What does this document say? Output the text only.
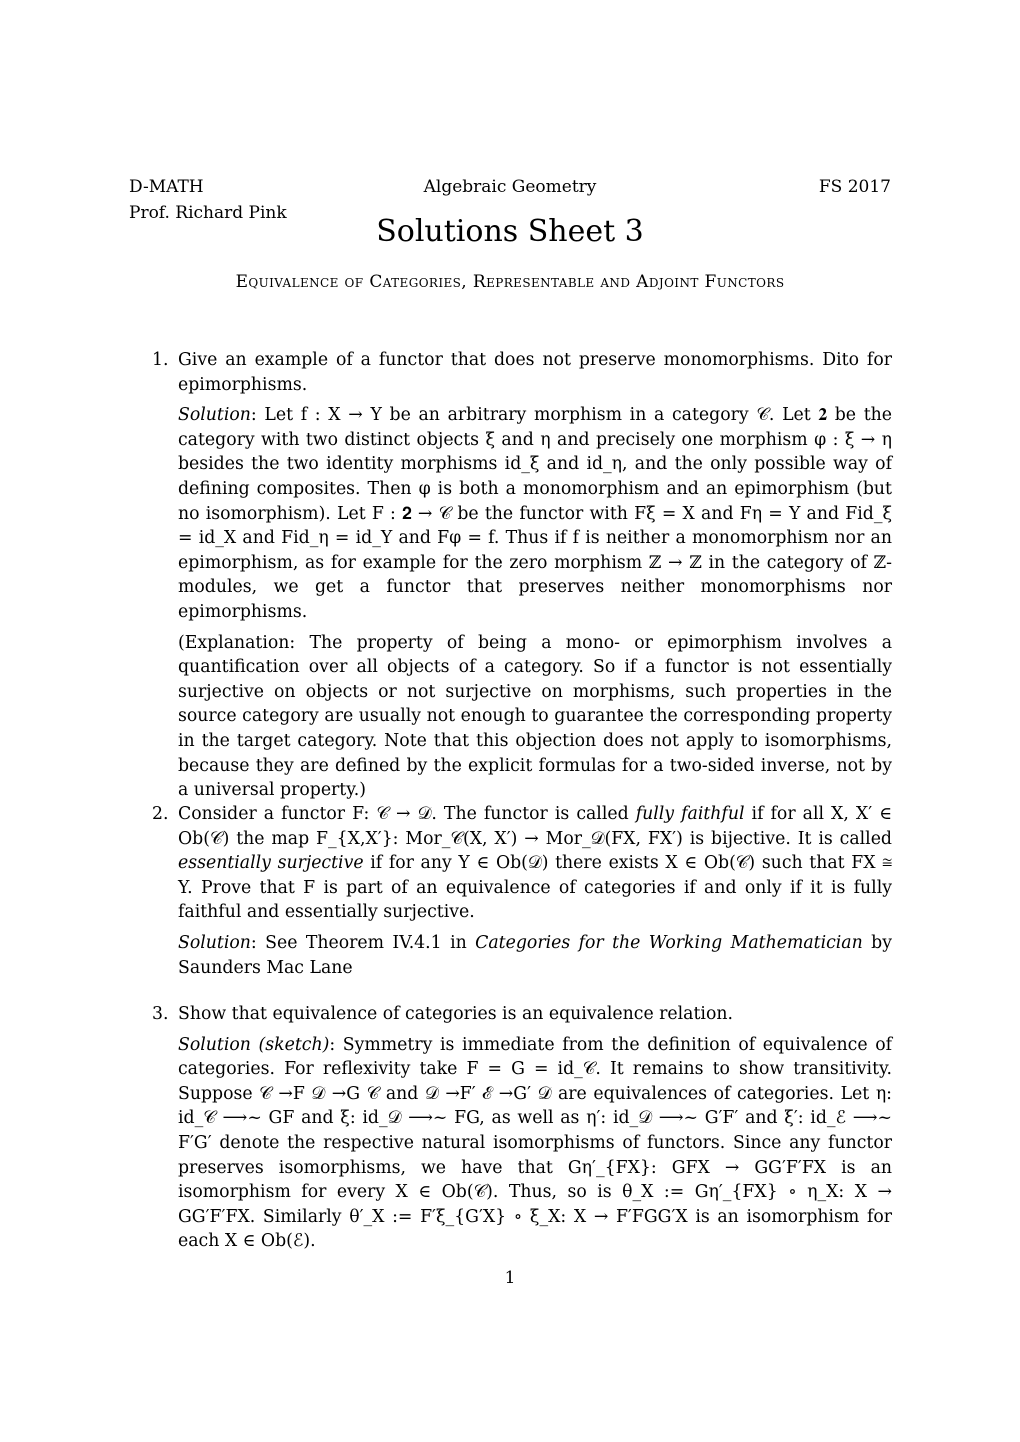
D-MATH	Algebraic Geometry	FS 2017
Prof. Richard Pink
Solutions Sheet 3
Equivalence of Categories, Representable and Adjoint Functors
1. Give an example of a functor that does not preserve monomorphisms. Dito for epimorphisms.

Solution: Let f : X → Y be an arbitrary morphism in a category 𝒞. Let 𝟐 be the category with two distinct objects ξ and η and precisely one morphism φ : ξ → η besides the two identity morphisms id_ξ and id_η, and the only possible way of defining composites. Then φ is both a monomorphism and an epimorphism (but no isomorphism). Let F : 𝟐 → 𝒞 be the functor with Fξ = X and Fη = Y and Fid_ξ = id_X and Fid_η = id_Y and Fφ = f. Thus if f is neither a monomorphism nor an epimorphism, as for example for the zero morphism ℤ → ℤ in the category of ℤ-modules, we get a functor that preserves neither monomorphisms nor epimorphisms.

(Explanation: The property of being a mono- or epimorphism involves a quantification over all objects of a category. So if a functor is not essentially surjective on objects or not surjective on morphisms, such properties in the source category are usually not enough to guarantee the corresponding property in the target category. Note that this objection does not apply to isomorphisms, because they are defined by the explicit formulas for a two-sided inverse, not by a universal property.)

2. Consider a functor F: 𝒞 → 𝒟. The functor is called fully faithful if for all X, X′ ∈ Ob(𝒞) the map F_{X,X′}: Mor_𝒞(X, X′) → Mor_𝒟(FX, FX′) is bijective. It is called essentially surjective if for any Y ∈ Ob(𝒟) there exists X ∈ Ob(𝒞) such that FX ≅ Y. Prove that F is part of an equivalence of categories if and only if it is fully faithful and essentially surjective.

Solution: See Theorem IV.4.1 in Categories for the Working Mathematician by Saunders Mac Lane

3. Show that equivalence of categories is an equivalence relation.

Solution (sketch): Symmetry is immediate from the definition of equivalence of categories. For reflexivity take F = G = id_𝒞. It remains to show transitivity. Suppose 𝒞 →F 𝒟 →G 𝒞 and 𝒟 →F′ ℰ →G′ 𝒟 are equivalences of categories. Let η: id_𝒞 ⟶~ GF and ξ: id_𝒟 ⟶~ FG, as well as η′: id_𝒟 ⟶~ G′F′ and ξ′: id_ℰ ⟶~ F′G′ denote the respective natural isomorphisms of functors. Since any functor preserves isomorphisms, we have that Gη′_{FX}: GFX → GG′F′FX is an isomorphism for every X ∈ Ob(𝒞). Thus, so is θ_X := Gη′_{FX} ∘ η_X: X → GG′F′FX. Similarly θ′_X := F′ξ_{G′X} ∘ ξ_X: X → F′FGG′X is an isomorphism for each X ∈ Ob(ℰ).

1
